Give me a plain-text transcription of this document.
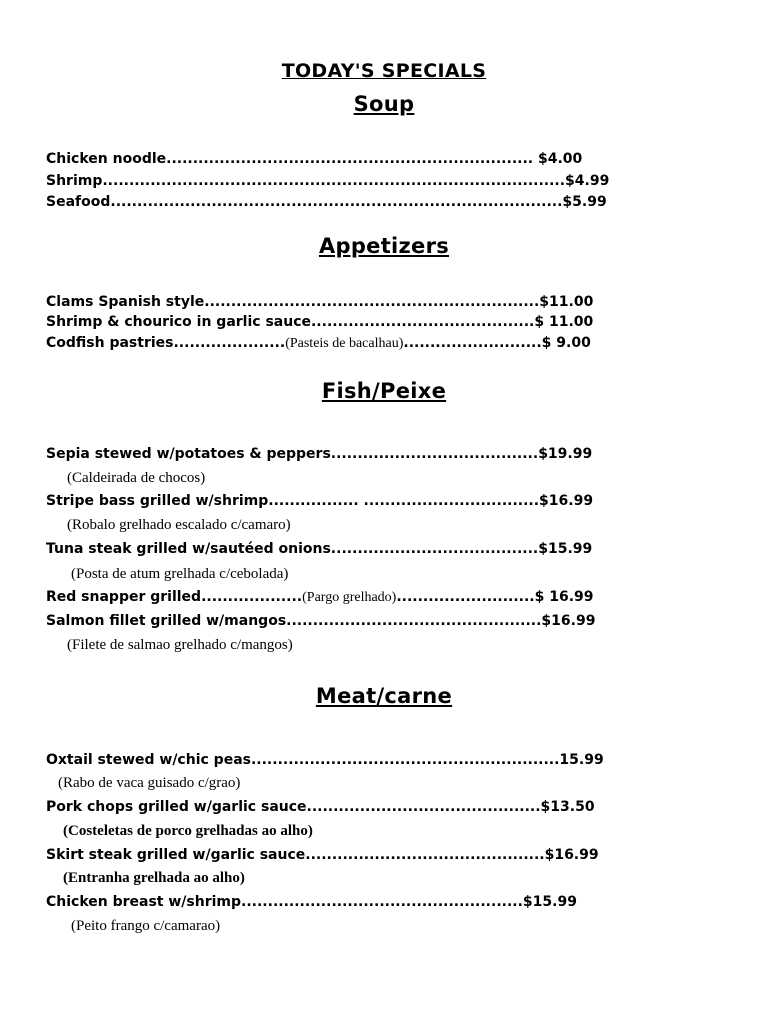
TODAY'S SPECIALS
Soup
Chicken noodle..................................................................... $4.00
Shrimp.......................................................................................$4.99
Seafood.....................................................................................$5.99
Appetizers
Clams Spanish style...............................................................$11.00
Shrimp & chourico in garlic sauce..........................................$ 11.00
Codfish pastries.....................(Pasteis de bacalhau)..........................$ 9.00
Fish/Peixe
Sepia stewed w/potatoes & peppers.......................................$19.99
(Caldeirada de chocos)
Stripe bass grilled w/shrimp................. .................................$16.99
(Robalo grelhado escalado c/camaro)
Tuna steak grilled w/sautéed onions.......................................$15.99
(Posta de atum grelhada c/cebolada)
Red snapper grilled...................(Pargo grelhado)..........................$ 16.99
Salmon fillet grilled w/mangos................................................$16.99
(Filete de salmao grelhado c/mangos)
Meat/carne
Oxtail stewed w/chic peas..........................................................15.99
(Rabo de vaca guisado c/grao)
Pork chops grilled w/garlic sauce............................................$13.50
(Costeletas de porco grelhadas ao alho)
Skirt steak grilled w/garlic sauce.............................................$16.99
(Entranha grelhada ao alho)
Chicken breast w/shrimp.....................................................$15.99
(Peito frango c/camarao)
